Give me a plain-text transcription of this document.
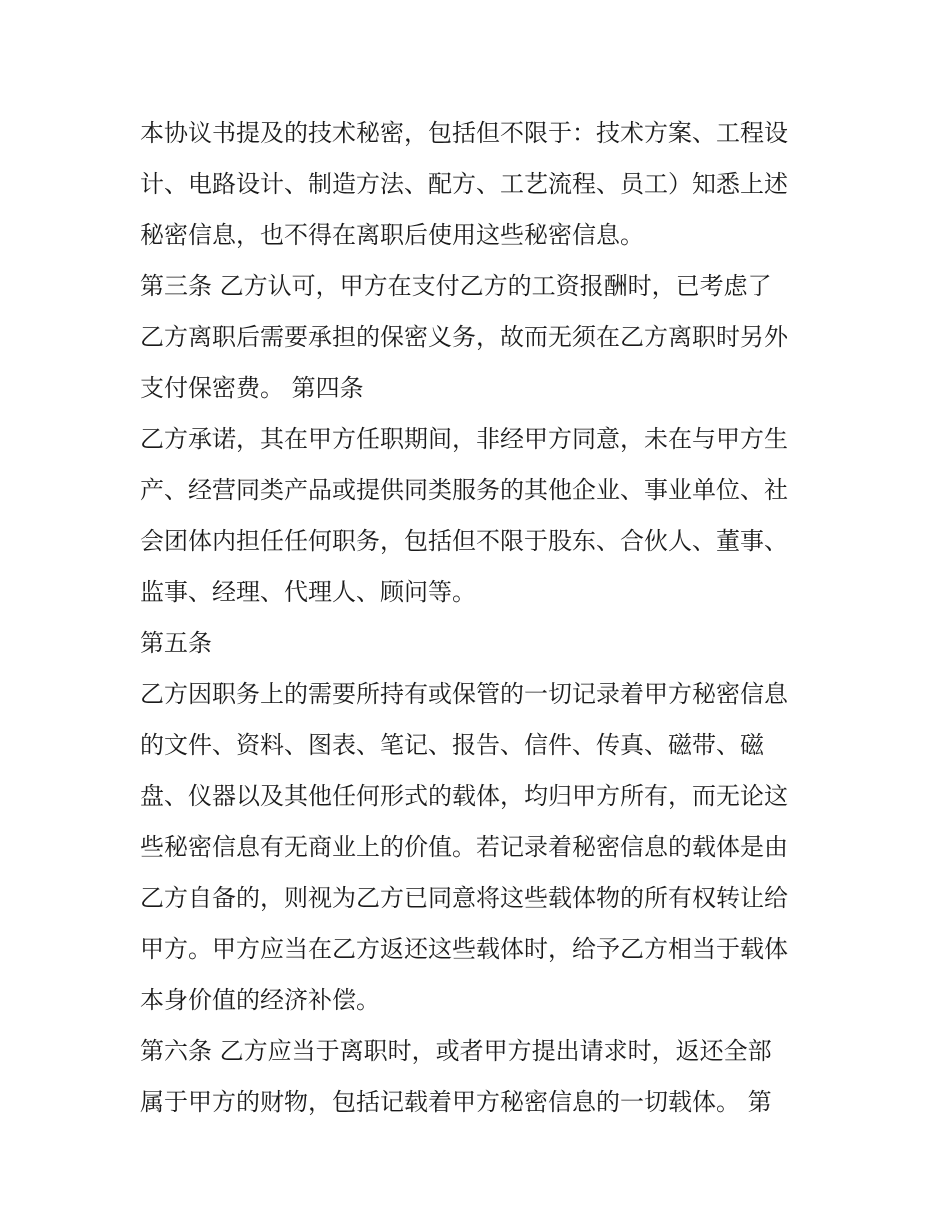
本协议书提及的技术秘密，包括但不限于：技术方案、工程设
计、电路设计、制造方法、配方、工艺流程、员工）知悉上述
秘密信息，也不得在离职后使用这些秘密信息。
第三条 乙方认可，甲方在支付乙方的工资报酬时，已考虑了
乙方离职后需要承担的保密义务，故而无须在乙方离职时另外
支付保密费。 第四条
乙方承诺，其在甲方任职期间，非经甲方同意，未在与甲方生
产、经营同类产品或提供同类服务的其他企业、事业单位、社
会团体内担任任何职务，包括但不限于股东、合伙人、董事、
监事、经理、代理人、顾问等。
第五条
乙方因职务上的需要所持有或保管的一切记录着甲方秘密信息
的文件、资料、图表、笔记、报告、信件、传真、磁带、磁
盘、仪器以及其他任何形式的载体，均归甲方所有，而无论这
些秘密信息有无商业上的价值。若记录着秘密信息的载体是由
乙方自备的，则视为乙方已同意将这些载体物的所有权转让给
甲方。甲方应当在乙方返还这些载体时，给予乙方相当于载体
本身价值的经济补偿。
第六条 乙方应当于离职时，或者甲方提出请求时，返还全部
属于甲方的财物，包括记载着甲方秘密信息的一切载体。 第
